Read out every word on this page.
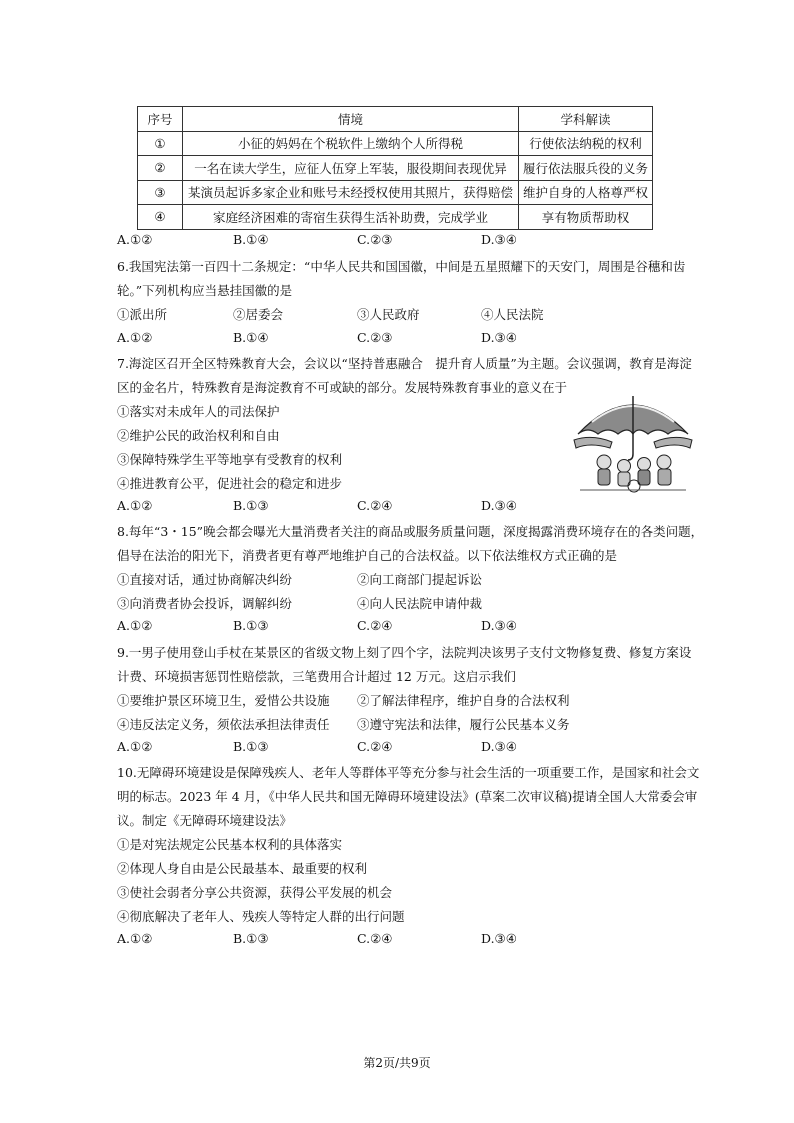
序号	情境	学科解读
①	小征的妈妈在个税软件上缴纳个人所得税	行使依法纳税的权利
②	一名在读大学生，应征人伍穿上军装，服役期间表现优异	履行依法服兵役的义务
③	某演员起诉多家企业和账号未经授权使用其照片，获得赔偿	维护自身的人格尊严权
④	家庭经济困难的寄宿生获得生活补助费，完成学业	享有物质帮助权
A.①②	B.①④	C.②③	D.③④
6.我国宪法第一百四十二条规定：“中华人民共和国国徽，中间是五星照耀下的天安门，周围是谷穗和齿
轮。”下列机构应当悬挂国徽的是
①派出所	②居委会	③人民政府	④人民法院
A.①②	B.①④	C.②③	D.③④
7.海淀区召开全区特殊教育大会，会议以“坚持普惠融合　提升育人质量”为主题。会议强调，教育是海淀
区的金名片，特殊教育是海淀教育不可或缺的部分。发展特殊教育事业的意义在于
①落实对未成年人的司法保护
②维护公民的政治权利和自由
③保障特殊学生平等地享有受教育的权利
④推进教育公平，促进社会的稳定和进步
A.①②	B.①③	C.②④	D.③④
8.每年“3・15”晚会都会曝光大量消费者关注的商品或服务质量问题，深度揭露消费环境存在的各类问题，
倡导在法治的阳光下，消费者更有尊严地维护自己的合法权益。以下依法维权方式正确的是
①直接对话，通过协商解决纠纷	②向工商部门提起诉讼
③向消费者协会投诉，调解纠纷	④向人民法院申请仲裁
A.①②	B.①③	C.②④	D.③④
9.一男子使用登山手杖在某景区的省级文物上刻了四个字，法院判决该男子支付文物修复费、修复方案设
计费、环境损害惩罚性赔偿款，三笔费用合计超过 12 万元。这启示我们
①要维护景区环境卫生，爱惜公共设施 ②了解法律程序，维护自身的合法权利
④违反法定义务，须依法承担法律责任 ③遵守宪法和法律，履行公民基本义务
A.①②	B.①③	C.②④	D.③④
10.无障碍环境建设是保障残疾人、老年人等群体平等充分参与社会生活的一项重要工作，是国家和社会文
明的标志。2023 年 4 月，《中华人民共和国无障碍环境建设法》(草案二次审议稿)提请全国人大常委会审
议。制定《无障碍环境建设法》
①是对宪法规定公民基本权利的具体落实
②体现人身自由是公民最基本、最重要的权利
③使社会弱者分享公共资源，获得公平发展的机会
④彻底解决了老年人、残疾人等特定人群的出行问题
A.①②	B.①③	C.②④	D.③④
第2页/共9页
